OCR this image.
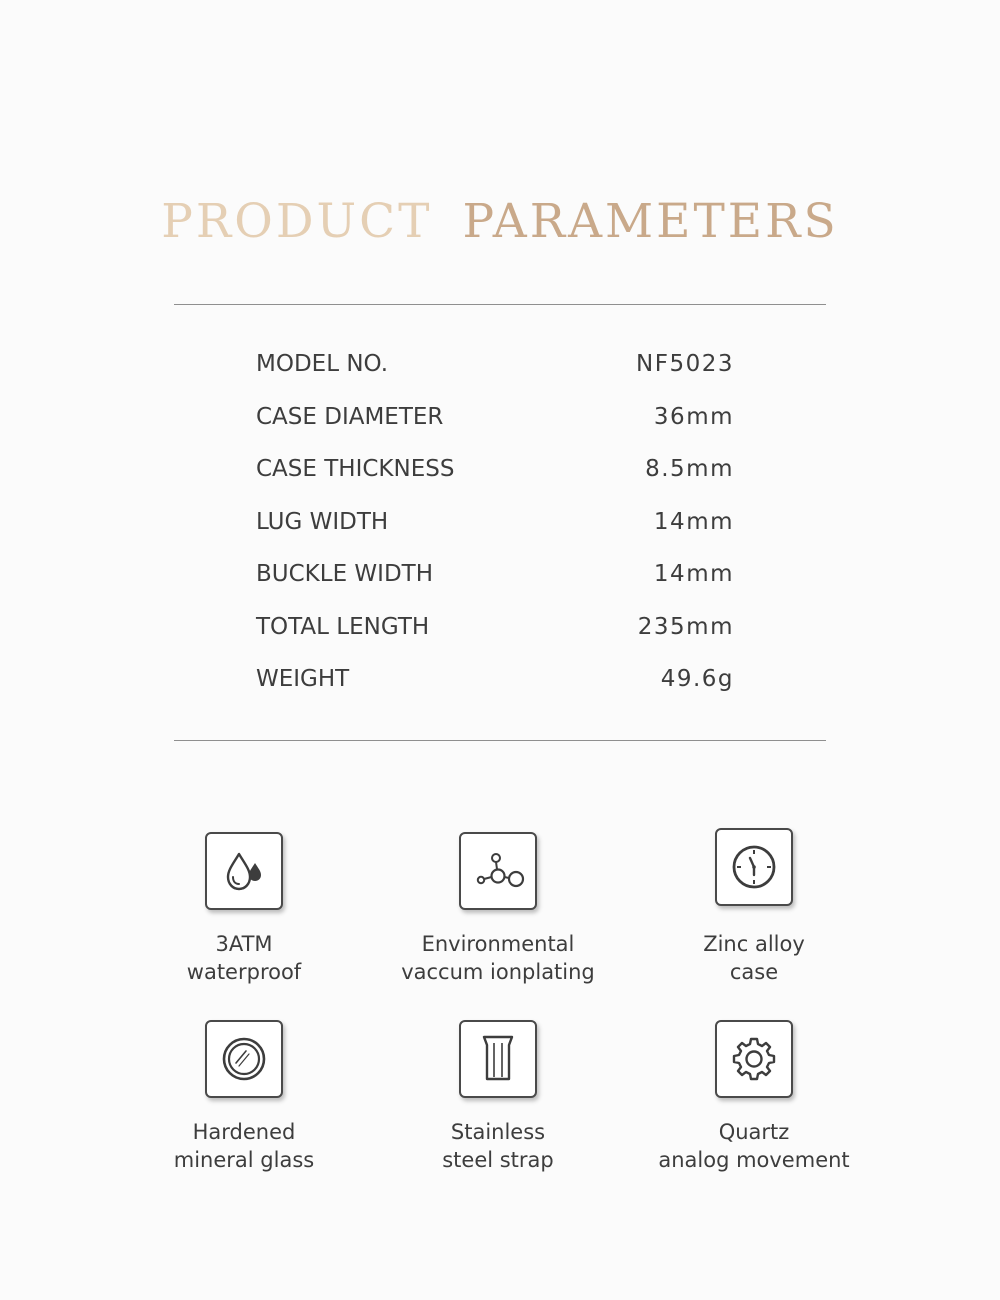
PRODUCT PARAMETERS
MODEL NO.	NF5023
CASE DIAMETER	36mm
CASE THICKNESS	8.5mm
LUG WIDTH	14mm
BUCKLE WIDTH	14mm
TOTAL LENGTH	235mm
WEIGHT	49.6g
3ATM
waterproof
Environmental
vaccum ionplating
Zinc alloy
case
Hardened
mineral glass
Stainless
steel strap
Quartz
analog movement
